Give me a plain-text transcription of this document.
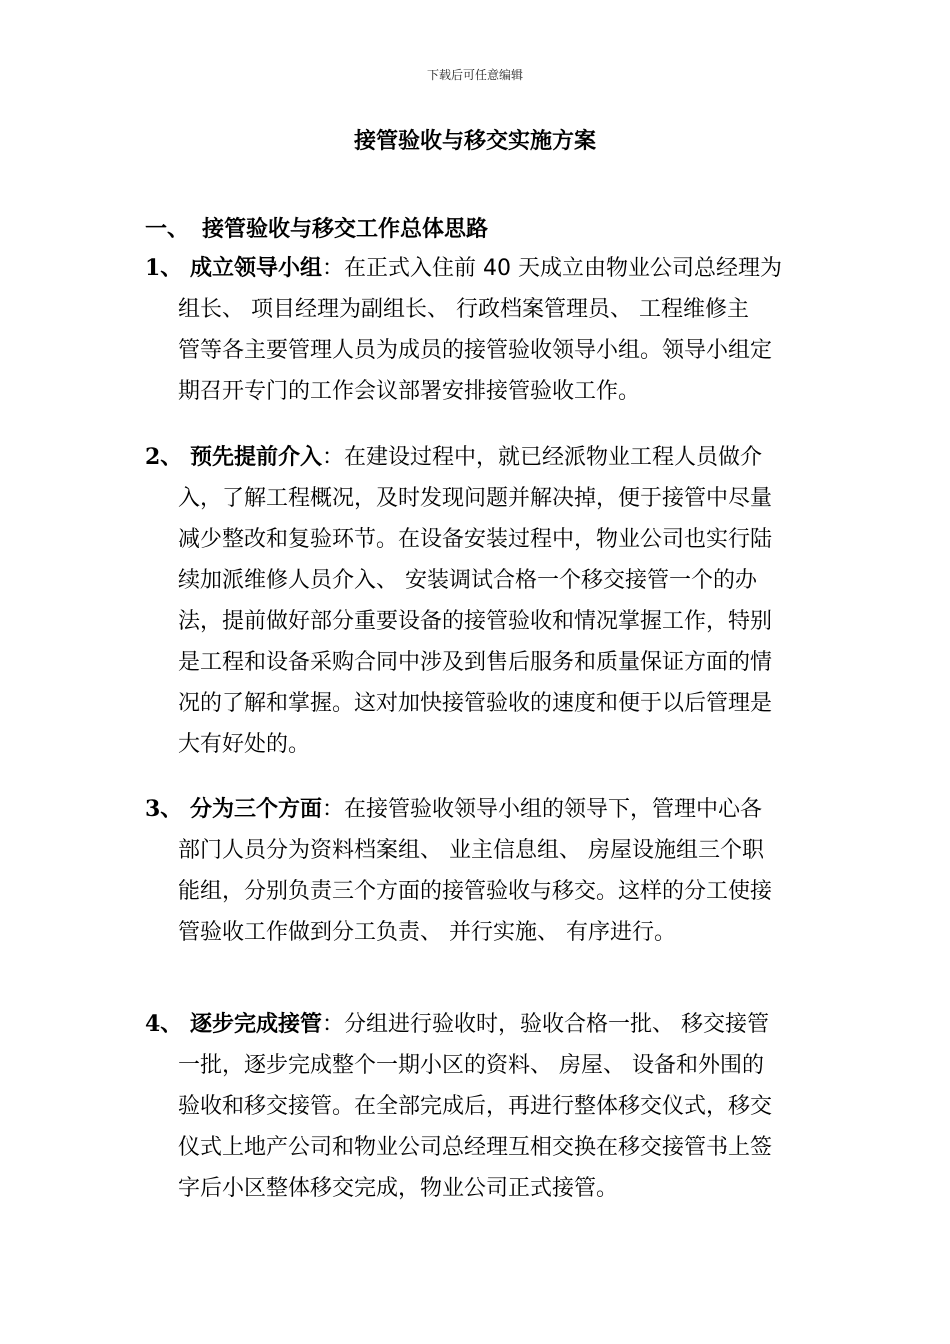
下载后可任意编辑
接管验收与移交实施方案
一、 接管验收与移交工作总体思路
1、 成立领导小组：在正式入住前 40 天成立由物业公司总经理为
组长、 项目经理为副组长、 行政档案管理员、 工程维修主
管等各主要管理人员为成员的接管验收领导小组。领导小组定
期召开专门的工作会议部署安排接管验收工作。
2、 预先提前介入：在建设过程中，就已经派物业工程人员做介
入，了解工程概况，及时发现问题并解决掉，便于接管中尽量
减少整改和复验环节。在设备安装过程中，物业公司也实行陆
续加派维修人员介入、 安装调试合格一个移交接管一个的办
法，提前做好部分重要设备的接管验收和情况掌握工作，特别
是工程和设备采购合同中涉及到售后服务和质量保证方面的情
况的了解和掌握。这对加快接管验收的速度和便于以后管理是
大有好处的。
3、 分为三个方面：在接管验收领导小组的领导下，管理中心各
部门人员分为资料档案组、 业主信息组、 房屋设施组三个职
能组，分别负责三个方面的接管验收与移交。这样的分工使接
管验收工作做到分工负责、 并行实施、 有序进行。
4、 逐步完成接管：分组进行验收时，验收合格一批、 移交接管
一批，逐步完成整个一期小区的资料、 房屋、 设备和外围的
验收和移交接管。在全部完成后，再进行整体移交仪式，移交
仪式上地产公司和物业公司总经理互相交换在移交接管书上签
字后小区整体移交完成，物业公司正式接管。
